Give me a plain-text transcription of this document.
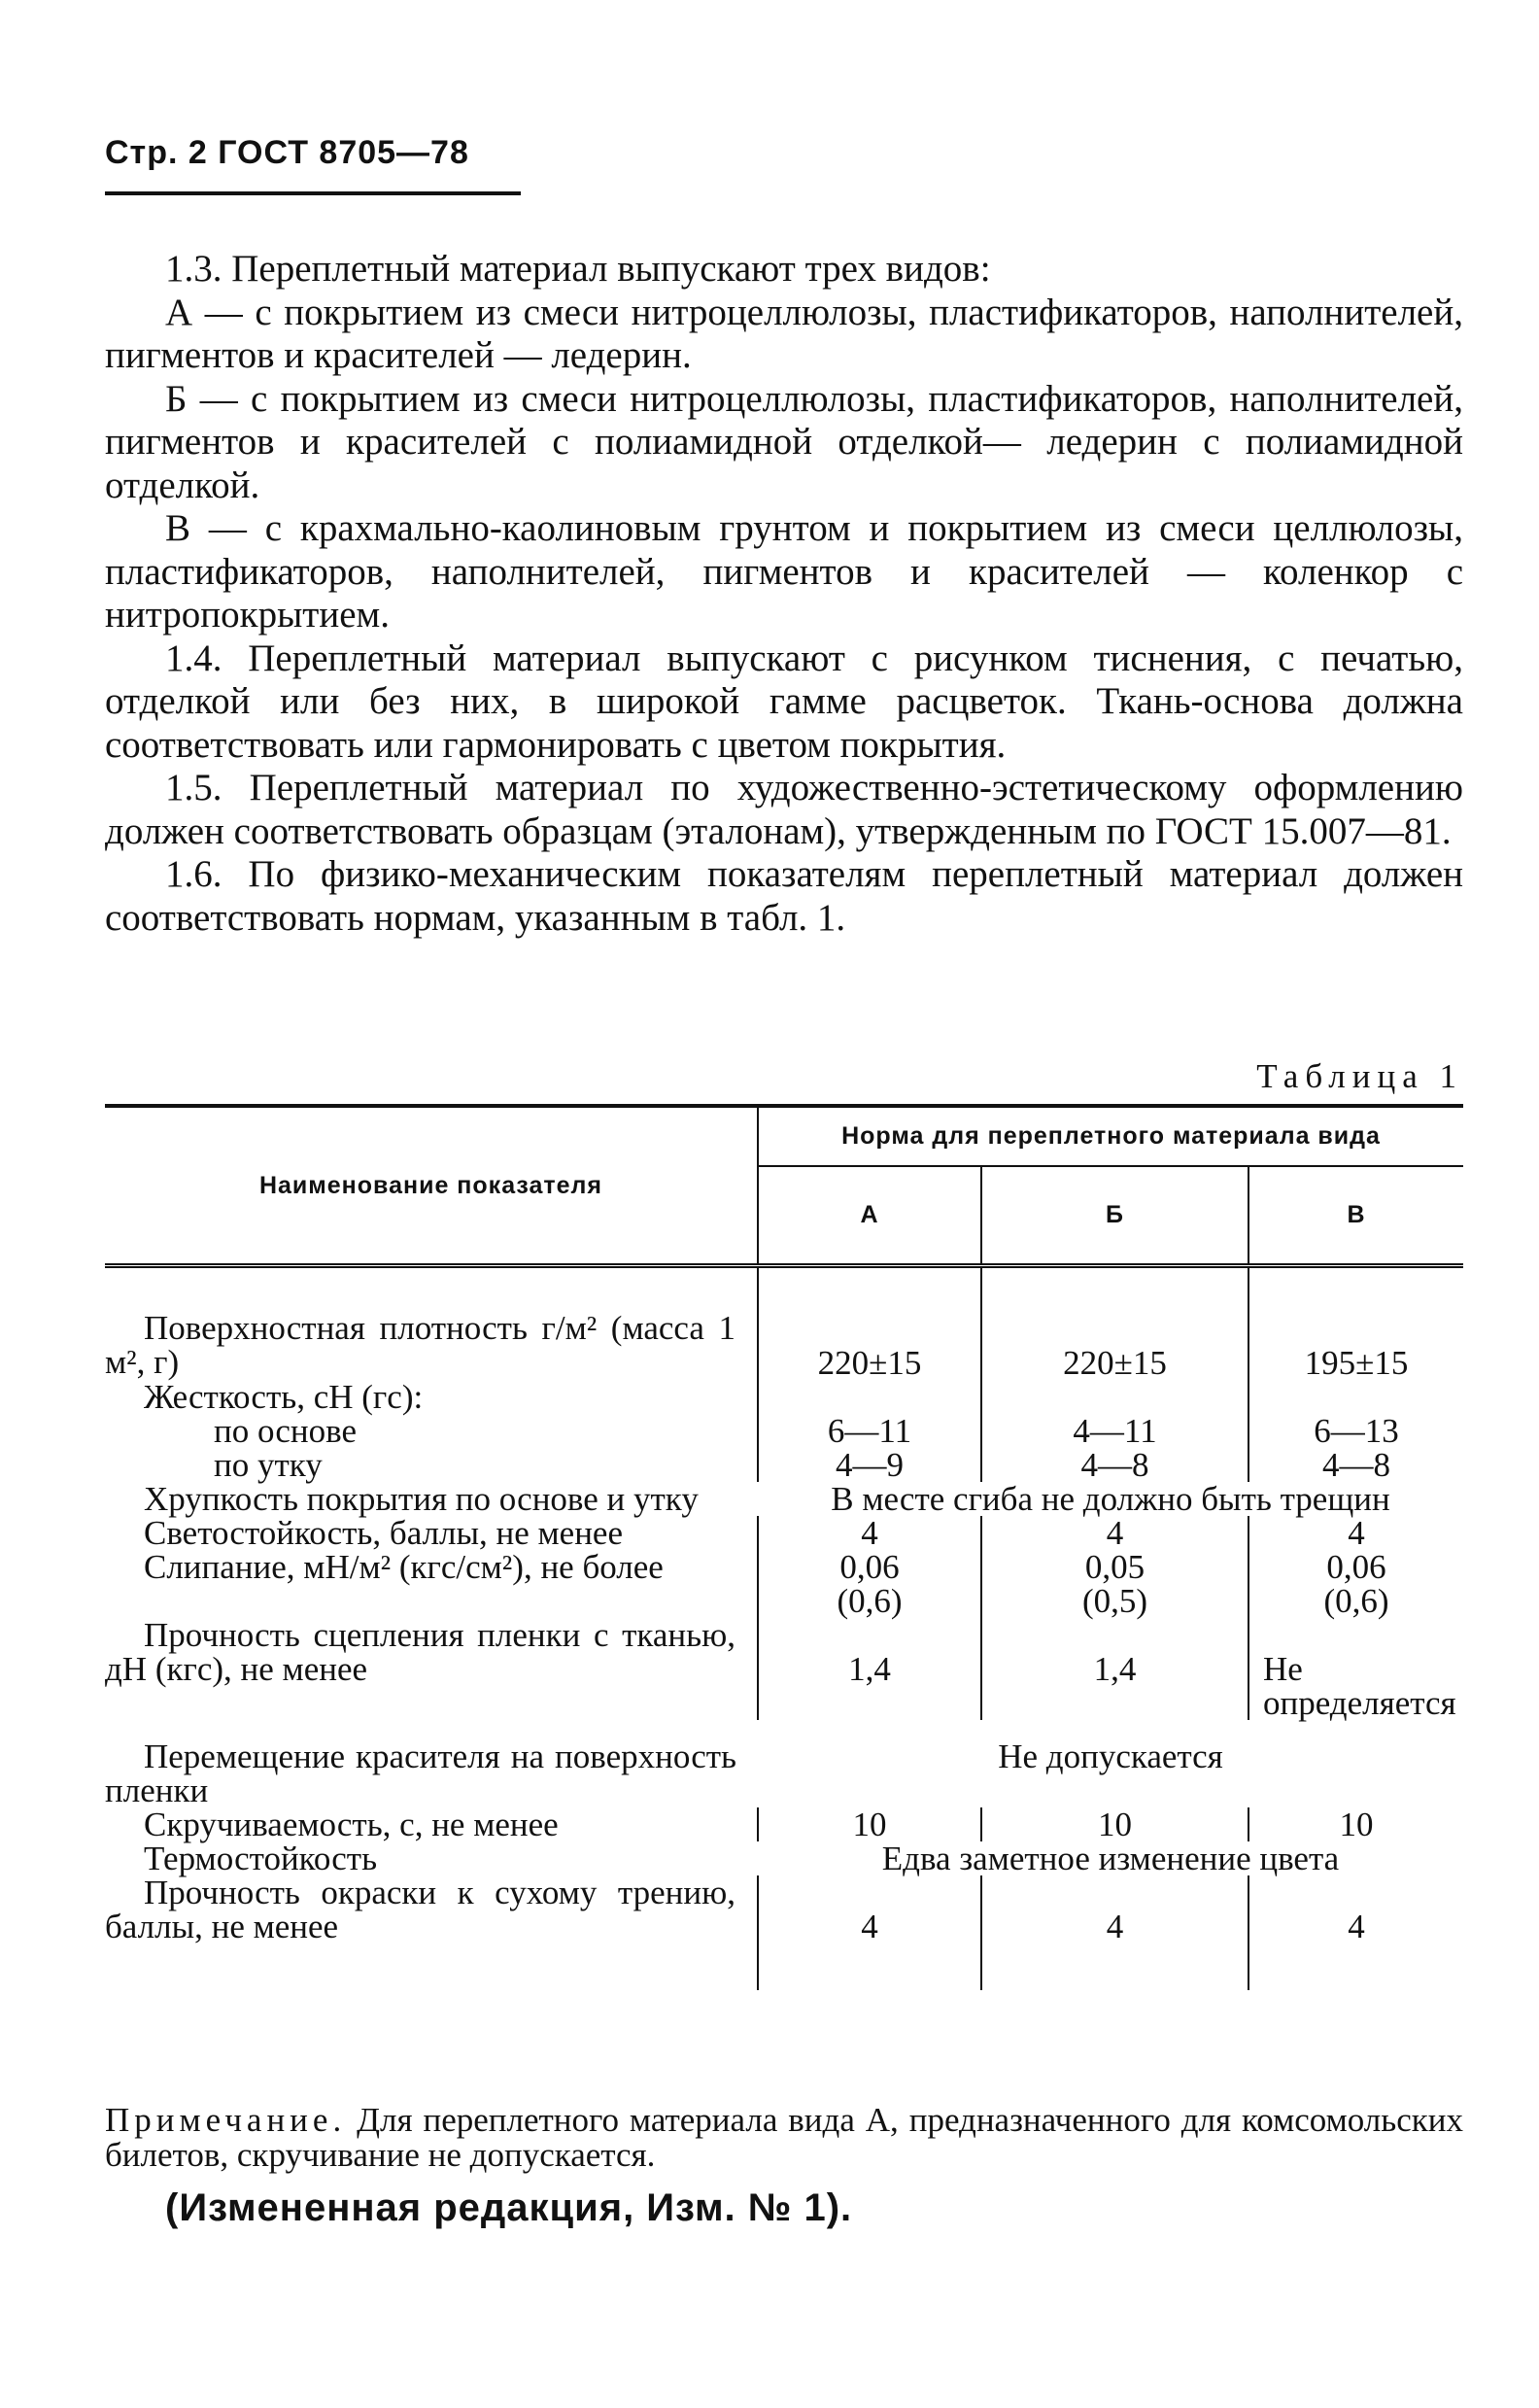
Стр. 2 ГОСТ 8705—78

1.3. Переплетный материал выпускают трех видов:

А — с покрытием из смеси нитроцеллюлозы, пластификаторов, наполнителей, пигментов и красителей — ледерин.

Б — с покрытием из смеси нитроцеллюлозы, пластификаторов, наполнителей, пигментов и красителей с полиамидной отделкой— ледерин с полиамидной отделкой.

В — с крахмально-каолиновым грунтом и покрытием из смеси целлюлозы, пластификаторов, наполнителей, пигментов и красителей — коленкор с нитропокрытием.

1.4. Переплетный материал выпускают с рисунком тиснения, с печатью, отделкой или без них, в широкой гамме расцветок. Ткань-основа должна соответствовать или гармонировать с цветом покрытия.

1.5. Переплетный материал по художественно-эстетическому оформлению должен соответствовать образцам (эталонам), утвержденным по ГОСТ 15.007—81.

1.6. По физико-механическим показателям переплетный материал должен соответствовать нормам, указанным в табл. 1.

Таблица 1
Наименование показателя	Норма для переплетного материала вида		
	А	Б	В
Поверхностная плотность г/м² (масса 1 м², г)	220±15	220±15	195±15
Жесткость, сН (гс):			
по основе	6—11	4—11	6—13
по утку	4—9	4—8	4—8
Хрупкость покрытия по основе и утку	В месте сгиба не должно быть трещин		
Светостойкость, баллы, не менее	4	4	4
Слипание, мН/м² (кгс/см²), не более	0,06 (0,6)	0,05 (0,5)	0,06 (0,6)
Прочность сцепления пленки с тканью, дН (кгс), не менее	1,4	1,4	Не определяется
Перемещение красителя на поверхность пленки	Не допускается		
Скручиваемость, с, не менее	10	10	10
Термостойкость	Едва заметное изменение цвета		
Прочность окраски к сухому трению, баллы, не менее	4	4	4
Примечание. Для переплетного материала вида А, предназначенного для комсомольских билетов, скручивание не допускается.
(Измененная редакция, Изм. № 1).
